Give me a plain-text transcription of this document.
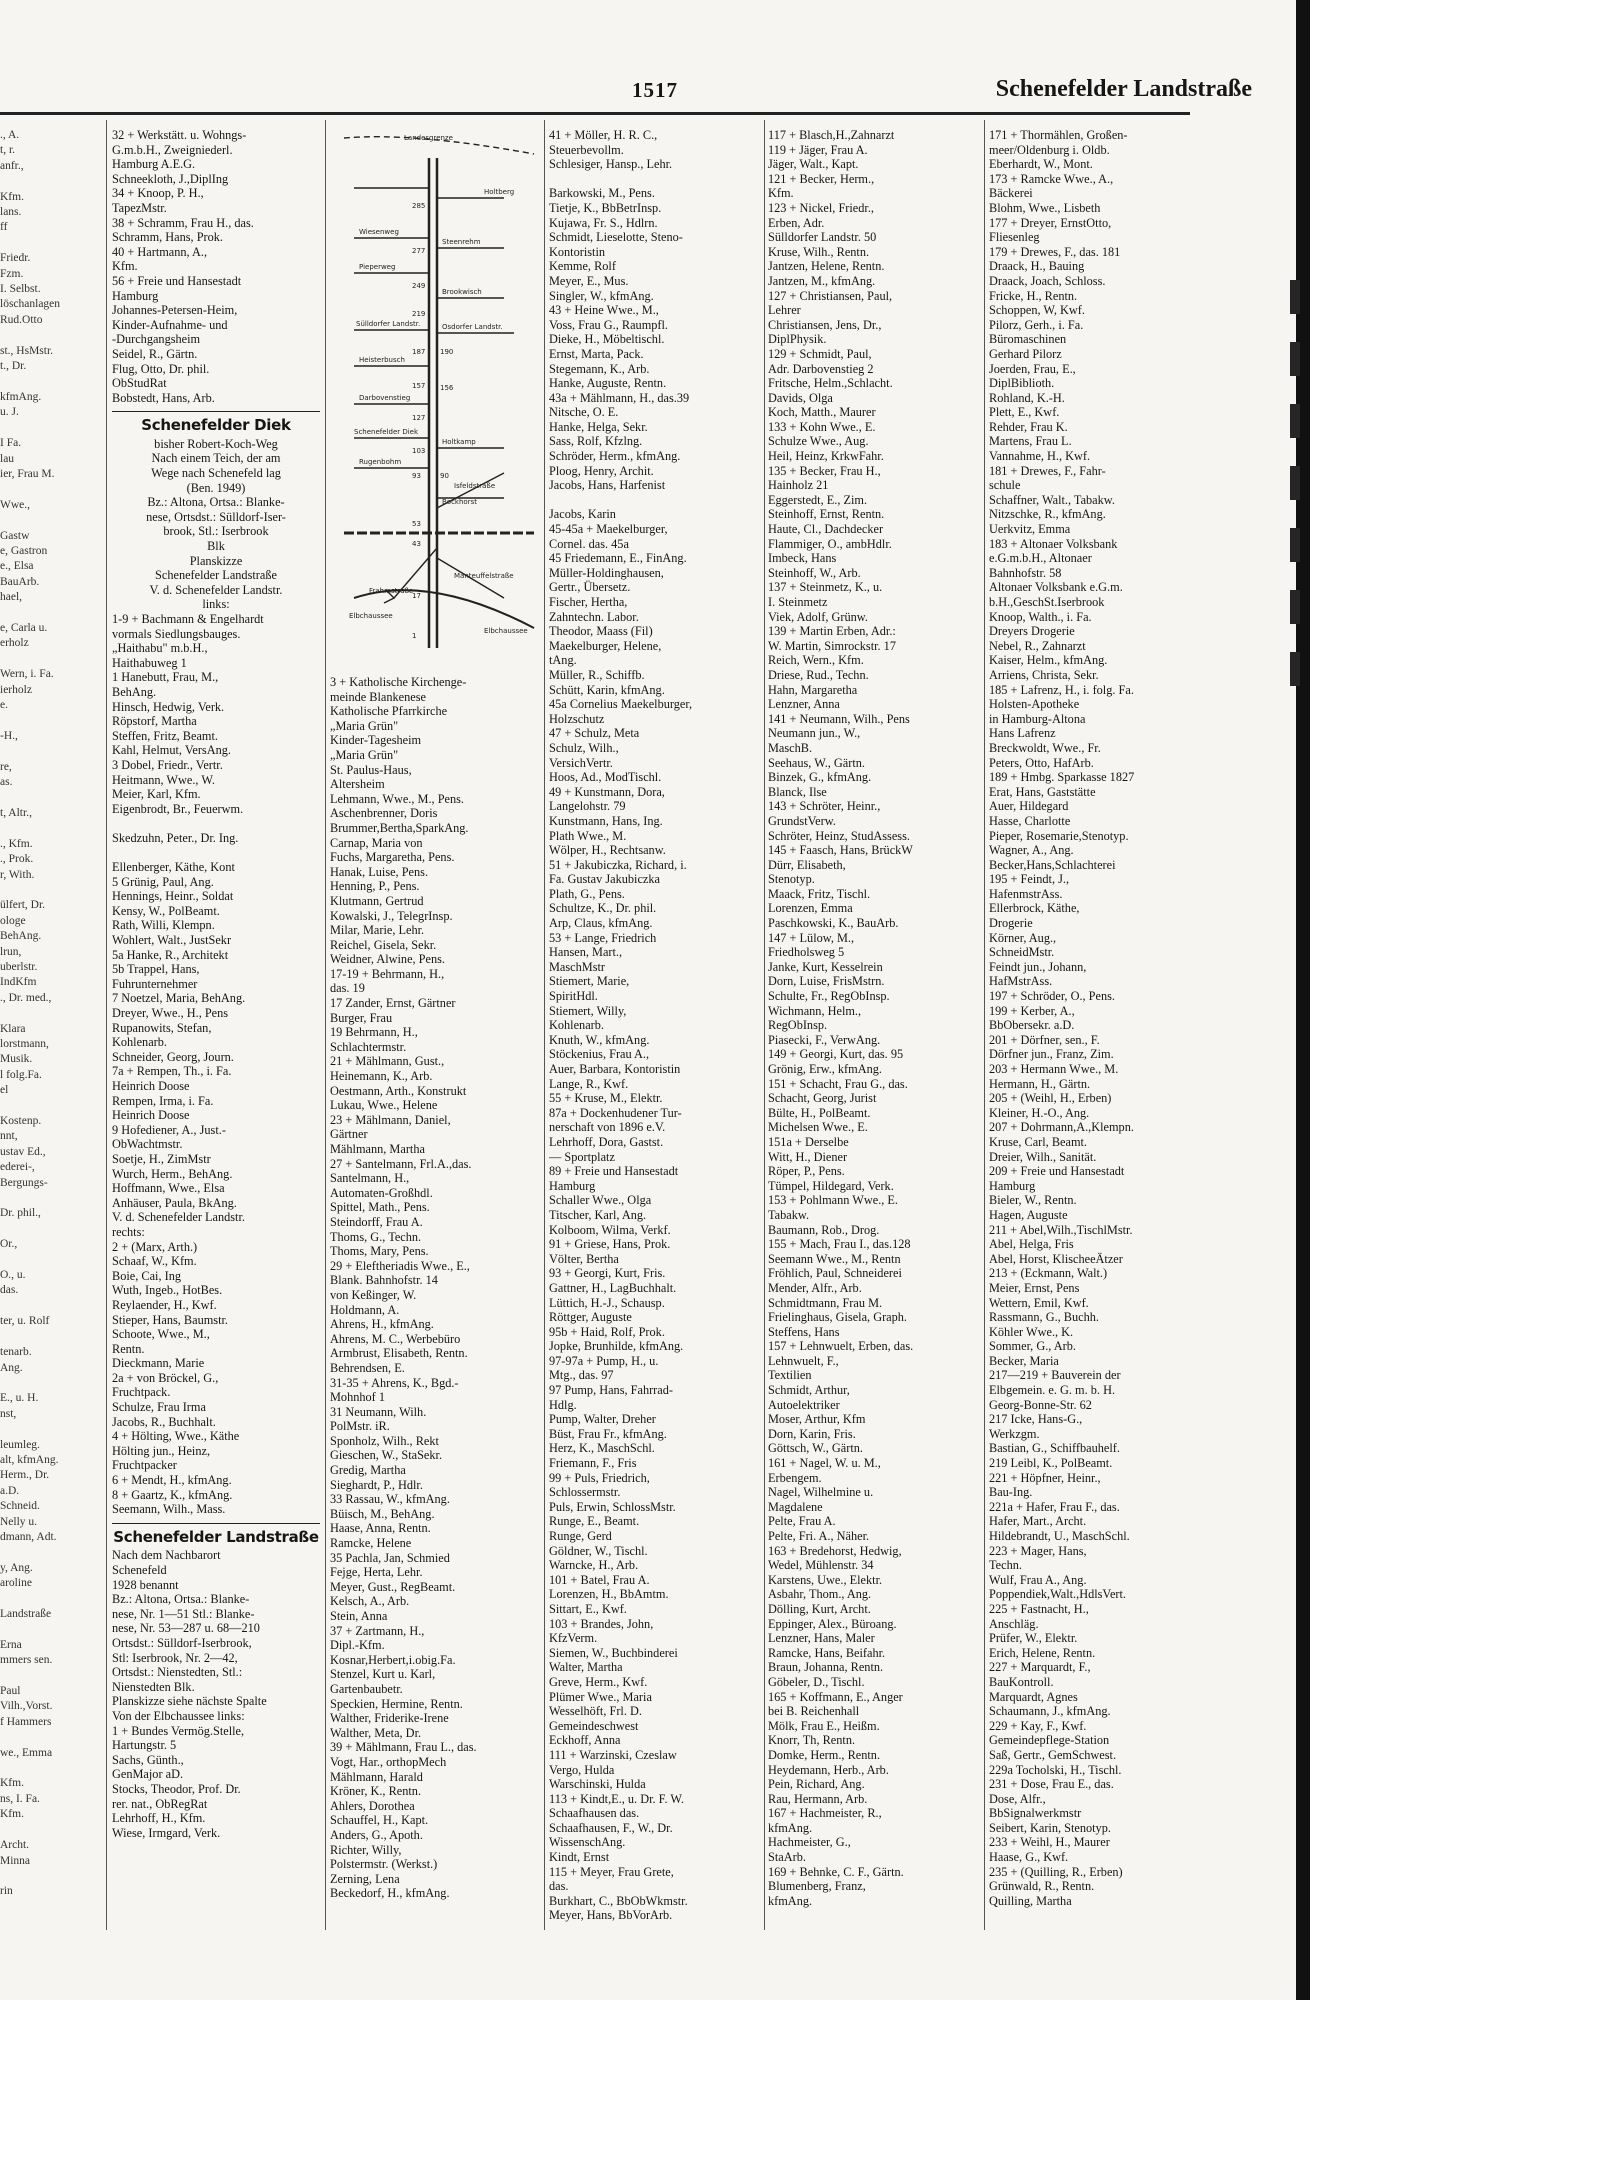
1517	Schenefelder Landstraße
., A.
t, r.
anfr.,

Kfm.
lans.
ff

Friedr.
Fzm.
I. Selbst.
löschanlagen
Rud.Otto

st., HsMstr.
t., Dr.

kfmAng.
u. J.

I Fa.
lau
ier, Frau M.

Wwe.,

Gastw
e, Gastron
e., Elsa
BauArb.
hael,

e, Carla u.
erholz

Wern, i. Fa.
ierholz
e.

-H.,

re,
as.

t, Altr.,

., Kfm.
., Prok.
r, With.

ülfert, Dr.
ologe
BehAng.
lrun,
uberlstr.
IndKfm
., Dr. med.,

Klara
lorstmann,
Musik.
l folg.Fa.
el

Kostenp.
nnt,
ustav Ed.,
ederei-,
Bergungs-

Dr. phil.,

Or.,

O., u.
das.

ter, u. Rolf

tenarb.
Ang.

E., u. H.
nst,

leumleg.
alt, kfmAng.
Herm., Dr.
a.D.
Schneid.
Nelly u.
dmann, Adt.

y, Ang.
aroline

Landstraße

Erna
mmers sen.

Paul
Vilh.,Vorst.
f Hammers

we., Emma

Kfm.
ns, I. Fa.
Kfm.

Archt.
Minna

rin
32 + Werkstätt. u. Wohngs-
G.m.b.H., Zweigniederl.
Hamburg A.E.G.
Schneekloth, J.,DiplIng
34 + Knoop, P. H.,
TapezMstr.
38 + Schramm, Frau H., das.
Schramm, Hans, Prok.
40 + Hartmann, A.,
Kfm.
56 + Freie und Hansestadt
Hamburg
Johannes-Petersen-Heim,
Kinder-Aufnahme- und
-Durchgangsheim
Seidel, R., Gärtn.
Flug, Otto, Dr. phil.
ObStudRat
Bobstedt, Hans, Arb.
Schenefelder Diek
bisher Robert-Koch-Weg
Nach einem Teich, der am
Wege nach Schenefeld lag
(Ben. 1949)
Bz.: Altona, Ortsa.: Blanke-
nese, Ortsdst.: Sülldorf-Iser-
brook, Stl.: Iserbrook
Blk
Planskizze
Schenefelder Landstraße
V. d. Schenefelder Landstr.
links:
1-9 + Bachmann & Engelhardt
vormals Siedlungsbauges.
„Haithabu" m.b.H.,
Haithabuweg 1
1 Hanebutt, Frau, M.,
BehAng.
Hinsch, Hedwig, Verk.
Röpstorf, Martha
Steffen, Fritz, Beamt.
Kahl, Helmut, VersAng.
3 Dobel, Friedr., Vertr.
Heitmann, Wwe., W.
Meier, Karl, Kfm.
Eigenbrodt, Br., Feuerwm.

Skedzuhn, Peter., Dr. Ing.

Ellenberger, Käthe, Kont
5 Grünig, Paul, Ang.
Hennings, Heinr., Soldat
Kensy, W., PolBeamt.
Rath, Willi, Klempn.
Wohlert, Walt., JustSekr
5a Hanke, R., Architekt
5b Trappel, Hans,
Fuhrunternehmer
7 Noetzel, Maria, BehAng.
Dreyer, Wwe., H., Pens
Rupanowits, Stefan,
Kohlenarb.
Schneider, Georg, Journ.
7a + Rempen, Th., i. Fa.
Heinrich Doose
Rempen, Irma, i. Fa.
Heinrich Doose
9 Hofediener, A., Just.-
ObWachtmstr.
Soetje, H., ZimMstr
Wurch, Herm., BehAng.
Hoffmann, Wwe., Elsa
Anhäuser, Paula, BkAng.
V. d. Schenefelder Landstr.
rechts:
2 + (Marx, Arth.)
Schaaf, W., Kfm.
Boie, Cai, Ing
Wuth, Ingeb., HotBes.
Reylaender, H., Kwf.
Stieper, Hans, Baumstr.
Schoote, Wwe., M.,
Rentn.
Dieckmann, Marie
2a + von Bröckel, G.,
Fruchtpack.
Schulze, Frau Irma
Jacobs, R., Buchhalt.
4 + Hölting, Wwe., Käthe
Hölting jun., Heinz,
Fruchtpacker
6 + Mendt, H., kfmAng.
8 + Gaartz, K., kfmAng.
Seemann, Wilh., Mass.
Schenefelder Landstraße
Nach dem Nachbarort
Schenefeld
1928 benannt
Bz.: Altona, Ortsa.: Blanke-
nese, Nr. 1—51 Stl.: Blanke-
nese, Nr. 53—287 u. 68—210
Ortsdst.: Sülldorf-Iserbrook,
Stl: Iserbrook, Nr. 2—42,
Ortsdst.: Nienstedten, Stl.:
Nienstedten Blk.
Planskizze siehe nächste Spalte
Von der Elbchaussee links:
1 + Bundes Vermög.Stelle,
Hartungstr. 5
Sachs, Günth.,
GenMajor aD.
Stocks, Theodor, Prof. Dr.
rer. nat., ObRegRat
Lehrhoff, H., Kfm.
Wiese, Irmgard, Verk.
Holtberg
Wiesenweg
Pieperweg
Steenrehm
Brookwisch
Sülldorfer Landstr.	Osdorfer Landstr.
Heisterbusch
Darbovenstieg
Schenefelder Diek
Holtkamp
Rugenbohm
Isfeldstraße
Bockhorst
Frahmstraße
Manteuffelstraße
Elbchaussee
Elbchaussee
Landesgrenze
285
277
249
219
187 190
157 156
127
103
93	90
53
43
17
1
3 + Katholische Kirchenge-
meinde Blankenese
Katholische Pfarrkirche
„Maria Grün"
Kinder-Tagesheim
„Maria Grün"
St. Paulus-Haus,
Altersheim
Lehmann, Wwe., M., Pens.
Aschenbrenner, Doris
Brummer,Bertha,SparkAng.
Carnap, Maria von
Fuchs, Margaretha, Pens.
Hanak, Luise, Pens.
Henning, P., Pens.
Klutmann, Gertrud
Kowalski, J., TelegrInsp.
Milar, Marie, Lehr.
Reichel, Gisela, Sekr.
Weidner, Alwine, Pens.
17-19 + Behrmann, H.,
das. 19
17 Zander, Ernst, Gärtner
Burger, Frau
19 Behrmann, H.,
Schlachtermstr.
21 + Mählmann, Gust.,
Heinemann, K., Arb.
Oestmann, Arth., Konstrukt
Lukau, Wwe., Helene
23 + Mählmann, Daniel,
Gärtner
Mählmann, Martha
27 + Santelmann, Frl.A.,das.
Santelmann, H.,
Automaten-Großhdl.
Spittel, Math., Pens.
Steindorff, Frau A.
Thoms, G., Techn.
Thoms, Mary, Pens.
29 + Eleftheriadis Wwe., E.,
Blank. Bahnhofstr. 14
von Keßinger, W.
Holdmann, A.
Ahrens, H., kfmAng.
Ahrens, M. C., Werbebüro
Armbrust, Elisabeth, Rentn.
Behrendsen, E.
31-35 + Ahrens, K., Bgd.-
Mohnhof 1
31 Neumann, Wilh.
PolMstr. iR.
Sponholz, Wilh., Rekt
Gieschen, W., StaSekr.
Gredig, Martha
Sieghardt, P., Hdlr.
33 Rassau, W., kfmAng.
Büisch, M., BehAng.
Haase, Anna, Rentn.
Ramcke, Helene
35 Pachla, Jan, Schmied
Fejge, Herta, Lehr.
Meyer, Gust., RegBeamt.
Kelsch, A., Arb.
Stein, Anna
37 + Zartmann, H.,
Dipl.-Kfm.
Kosnar,Herbert,i.obig.Fa.
Stenzel, Kurt u. Karl,
Gartenbaubetr.
Speckien, Hermine, Rentn.
Walther, Friderike-Irene
Walther, Meta, Dr.
39 + Mählmann, Frau L., das.
Vogt, Har., orthopMech
Mählmann, Harald
Kröner, K., Rentn.
Ahlers, Dorothea
Schauffel, H., Kapt.
Anders, G., Apoth.
Richter, Willy,
Polstermstr. (Werkst.)
Zerning, Lena
Beckedorf, H., kfmAng.
41 + Möller, H. R. C.,
Steuerbevollm.
Schlesiger, Hansp., Lehr.

Barkowski, M., Pens.
Tietje, K., BbBetrInsp.
Kujawa, Fr. S., Hdlrn.
Schmidt, Lieselotte, Steno-
Kontoristin
Kemme, Rolf
Meyer, E., Mus.
Singler, W., kfmAng.
43 + Heine Wwe., M.,
Voss, Frau G., Raumpfl.
Dieke, H., Möbeltischl.
Ernst, Marta, Pack.
Stegemann, K., Arb.
Hanke, Auguste, Rentn.
43a + Mählmann, H., das.39
Nitsche, O. E.
Hanke, Helga, Sekr.
Sass, Rolf, Kfzlng.
Schröder, Herm., kfmAng.
Ploog, Henry, Archit.
Jacobs, Hans, Harfenist

Jacobs, Karin
45-45a + Maekelburger,
Cornel. das. 45a
45 Friedemann, E., FinAng.
Müller-Holdinghausen,
Gertr., Übersetz.
Fischer, Hertha,
Zahntechn. Labor.
Theodor, Maass (Fil)
Maekelburger, Helene,
tAng.
Müller, R., Schiffb.
Schütt, Karin, kfmAng.
45a Cornelius Maekelburger,
Holzschutz
47 + Schulz, Meta
Schulz, Wilh.,
VersichVertr.
Hoos, Ad., ModTischl.
49 + Kunstmann, Dora,
Langelohstr. 79
Kunstmann, Hans, Ing.
Plath Wwe., M.
Wölper, H., Rechtsanw.
51 + Jakubiczka, Richard, i.
Fa. Gustav Jakubiczka
Plath, G., Pens.
Schultze, K., Dr. phil.
Arp, Claus, kfmAng.
53 + Lange, Friedrich
Hansen, Mart.,
MaschMstr
Stiemert, Marie,
SpiritHdl.
Stiemert, Willy,
Kohlenarb.
Knuth, W., kfmAng.
Stöckenius, Frau A.,
Auer, Barbara, Kontoristin
Lange, R., Kwf.
55 + Kruse, M., Elektr.
87a + Dockenhudener Tur-
nerschaft von 1896 e.V.
Lehrhoff, Dora, Gastst.
— Sportplatz
89 + Freie und Hansestadt
Hamburg
Schaller Wwe., Olga
Titscher, Karl, Ang.
Kolboom, Wilma, Verkf.
91 + Griese, Hans, Prok.
Völter, Bertha
93 + Georgi, Kurt, Fris.
Gattner, H., LagBuchhalt.
Lüttich, H.-J., Schausp.
Röttger, Auguste
95b + Haid, Rolf, Prok.
Jopke, Brunhilde, kfmAng.
97-97a + Pump, H., u.
Mtg., das. 97
97 Pump, Hans, Fahrrad-
Hdlg.
Pump, Walter, Dreher
Büst, Frau Fr., kfmAng.
Herz, K., MaschSchl.
Friemann, F., Fris
99 + Puls, Friedrich,
Schlossermstr.
Puls, Erwin, SchlossMstr.
Runge, E., Beamt.
Runge, Gerd
Göldner, W., Tischl.
Warncke, H., Arb.
101 + Batel, Frau A.
Lorenzen, H., BbAmtm.
Sittart, E., Kwf.
103 + Brandes, John,
KfzVerm.
Siemen, W., Buchbinderei
Walter, Martha
Greve, Herm., Kwf.
Plümer Wwe., Maria
Wesselhöft, Frl. D.
Gemeindeschwest
Eckhoff, Anna
111 + Warzinski, Czeslaw
Vergo, Hulda
Warschinski, Hulda
113 + Kindt,E., u. Dr. F. W.
Schaafhausen das.
Schaafhausen, F., W., Dr.
WissenschAng.
Kindt, Ernst
115 + Meyer, Frau Grete,
das.
Burkhart, C., BbObWkmstr.
Meyer, Hans, BbVorArb.
117 + Blasch,H.,Zahnarzt
119 + Jäger, Frau A.
Jäger, Walt., Kapt.
121 + Becker, Herm.,
Kfm.
123 + Nickel, Friedr.,
Erben, Adr.
Sülldorfer Landstr. 50
Kruse, Wilh., Rentn.
Jantzen, Helene, Rentn.
Jantzen, M., kfmAng.
127 + Christiansen, Paul,
Lehrer
Christiansen, Jens, Dr.,
DiplPhysik.
129 + Schmidt, Paul,
Adr. Darbovenstieg 2
Fritsche, Helm.,Schlacht.
Davids, Olga
Koch, Matth., Maurer
133 + Kohn Wwe., E.
Schulze Wwe., Aug.
Heil, Heinz, KrkwFahr.
135 + Becker, Frau H.,
Hainholz 21
Eggerstedt, E., Zim.
Steinhoff, Ernst, Rentn.
Haute, Cl., Dachdecker
Flammiger, O., ambHdlr.
Imbeck, Hans
Steinhoff, W., Arb.
137 + Steinmetz, K., u.
I. Steinmetz
Viek, Adolf, Grünw.
139 + Martin Erben, Adr.:
W. Martin, Simrockstr. 17
Reich, Wern., Kfm.
Driese, Rud., Techn.
Hahn, Margaretha
Lenzner, Anna
141 + Neumann, Wilh., Pens
Neumann jun., W.,
MaschB.
Seehaus, W., Gärtn.
Binzek, G., kfmAng.
Blanck, Ilse
143 + Schröter, Heinr.,
GrundstVerw.
Schröter, Heinz, StudAssess.
145 + Faasch, Hans, BrückW
Dürr, Elisabeth,
Stenotyp.
Maack, Fritz, Tischl.
Lorenzen, Emma
Paschkowski, K., BauArb.
147 + Lülow, M.,
Friedholsweg 5
Janke, Kurt, Kesselrein
Dorn, Luise, FrisMstrn.
Schulte, Fr., RegObInsp.
Wichmann, Helm.,
RegObInsp.
Piasecki, F., VerwAng.
149 + Georgi, Kurt, das. 95
Grönig, Erw., kfmAng.
151 + Schacht, Frau G., das.
Schacht, Georg, Jurist
Bülte, H., PolBeamt.
Michelsen Wwe., E.
151a + Derselbe
Witt, H., Diener
Röper, P., Pens.
Tümpel, Hildegard, Verk.
153 + Pohlmann Wwe., E.
Tabakw.
Baumann, Rob., Drog.
155 + Mach, Frau I., das.128
Seemann Wwe., M., Rentn
Fröhlich, Paul, Schneiderei
Mender, Alfr., Arb.
Schmidtmann, Frau M.
Frielinghaus, Gisela, Graph.
Steffens, Hans
157 + Lehnwuelt, Erben, das.
Lehnwuelt, F.,
Textilien
Schmidt, Arthur,
Autoelektriker
Moser, Arthur, Kfm
Dorn, Karin, Fris.
Göttsch, W., Gärtn.
161 + Nagel, W. u. M.,
Erbengem.
Nagel, Wilhelmine u.
Magdalene
Pelte, Frau A.
Pelte, Fri. A., Näher.
163 + Bredehorst, Hedwig,
Wedel, Mühlenstr. 34
Karstens, Uwe., Elektr.
Asbahr, Thom., Ang.
Dölling, Kurt, Archt.
Eppinger, Alex., Büroang.
Lenzner, Hans, Maler
Ramcke, Hans, Beifahr.
Braun, Johanna, Rentn.
Göbeler, D., Tischl.
165 + Koffmann, E., Anger
bei B. Reichenhall
Mölk, Frau E., Heißm.
Knorr, Th, Rentn.
Domke, Herm., Rentn.
Heydemann, Herb., Arb.
Pein, Richard, Ang.
Rau, Hermann, Arb.
167 + Hachmeister, R.,
kfmAng.
Hachmeister, G.,
StaArb.
169 + Behnke, C. F., Gärtn.
Blumenberg, Franz,
kfmAng.
171 + Thormählen, Großen-
meer/Oldenburg i. Oldb.
Eberhardt, W., Mont.
173 + Ramcke Wwe., A.,
Bäckerei
Blohm, Wwe., Lisbeth
177 + Dreyer, ErnstOtto,
Fliesenleg
179 + Drewes, F., das. 181
Draack, H., Bauing
Draack, Joach, Schloss.
Fricke, H., Rentn.
Schoppen, W, Kwf.
Pilorz, Gerh., i. Fa.
Büromaschinen
Gerhard Pilorz
Joerden, Frau, E.,
DiplBiblioth.
Rohland, K.-H.
Plett, E., Kwf.
Rehder, Frau K.
Martens, Frau L.
Vannahme, H., Kwf.
181 + Drewes, F., Fahr-
schule
Schaffner, Walt., Tabakw.
Nitzschke, R., kfmAng.
Uerkvitz, Emma
183 + Altonaer Volksbank
e.G.m.b.H., Altonaer
Bahnhofstr. 58
Altonaer Volksbank e.G.m.
b.H.,GeschSt.Iserbrook
Knoop, Walth., i. Fa.
Dreyers Drogerie
Nebel, R., Zahnarzt
Kaiser, Helm., kfmAng.
Arriens, Christa, Sekr.
185 + Lafrenz, H., i. folg. Fa.
Holsten-Apotheke
in Hamburg-Altona
Hans Lafrenz
Breckwoldt, Wwe., Fr.
Peters, Otto, HafArb.
189 + Hmbg. Sparkasse 1827
Erat, Hans, Gaststätte
Auer, Hildegard
Hasse, Charlotte
Pieper, Rosemarie,Stenotyp.
Wagner, A., Ang.
Becker,Hans,Schlachterei
195 + Feindt, J.,
HafenmstrAss.
Ellerbrock, Käthe,
Drogerie
Körner, Aug.,
SchneidMstr.
Feindt jun., Johann,
HafMstrAss.
197 + Schröder, O., Pens.
199 + Kerber, A.,
BbObersekr. a.D.
201 + Dörfner, sen., F.
Dörfner jun., Franz, Zim.
203 + Hermann Wwe., M.
Hermann, H., Gärtn.
205 + (Weihl, H., Erben)
Kleiner, H.-O., Ang.
207 + Dohrmann,A.,Klempn.
Kruse, Carl, Beamt.
Dreier, Wilh., Sanität.
209 + Freie und Hansestadt
Hamburg
Bieler, W., Rentn.
Hagen, Auguste
211 + Abel,Wilh.,TischlMstr.
Abel, Helga, Fris
Abel, Horst, KlischeeÄtzer
213 + (Eckmann, Walt.)
Meier, Ernst, Pens
Wettern, Emil, Kwf.
Rassmann, G., Buchh.
Köhler Wwe., K.
Sommer, G., Arb.
Becker, Maria
217—219 + Bauverein der
Elbgemein. e. G. m. b. H.
Georg-Bonne-Str. 62
217 Icke, Hans-G.,
Werkzgm.
Bastian, G., Schiffbauhelf.
219 Leibl, K., PolBeamt.
221 + Höpfner, Heinr.,
Bau-Ing.
221a + Hafer, Frau F., das.
Hafer, Mart., Archt.
Hildebrandt, U., MaschSchl.
223 + Mager, Hans,
Techn.
Wulf, Frau A., Ang.
Poppendiek,Walt.,HdlsVert.
225 + Fastnacht, H.,
Anschläg.
Prüfer, W., Elektr.
Erich, Helene, Rentn.
227 + Marquardt, F.,
BauKontroll.
Marquardt, Agnes
Schaumann, J., kfmAng.
229 + Kay, F., Kwf.
Gemeindepflege-Station
Saß, Gertr., GemSchwest.
229a Tocholski, H., Tischl.
231 + Dose, Frau E., das.
Dose, Alfr.,
BbSignalwerkmstr
Seibert, Karin, Stenotyp.
233 + Weihl, H., Maurer
Haase, G., Kwf.
235 + (Quilling, R., Erben)
Grünwald, R., Rentn.
Quilling, Martha
